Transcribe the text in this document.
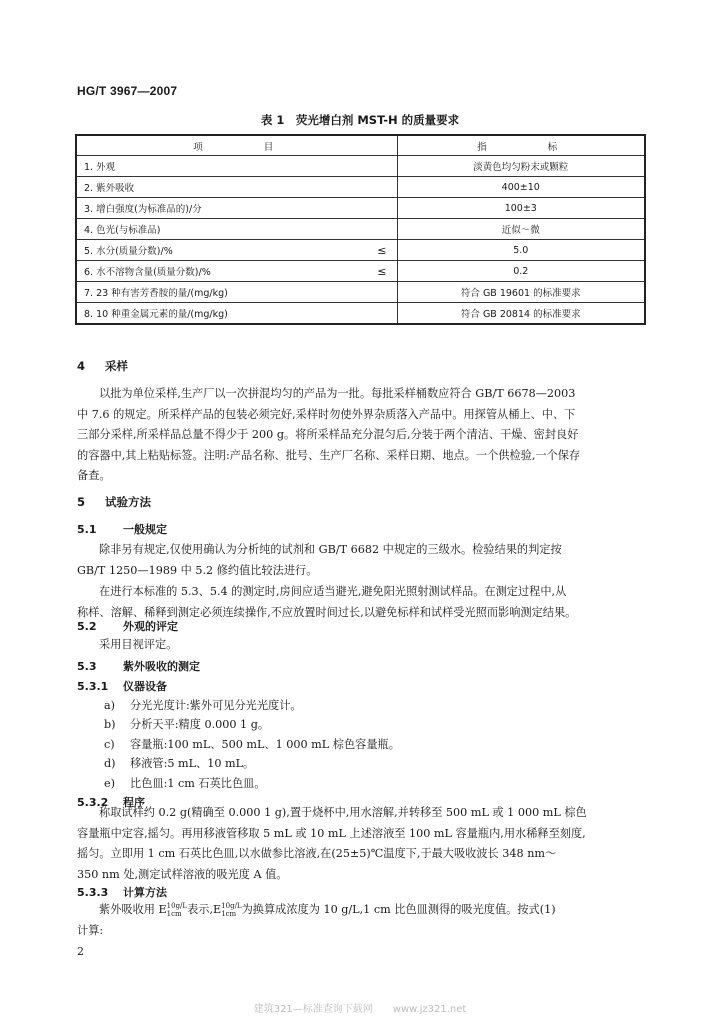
HG/T 3967—2007
表 1　荧光增白剂 MST-H 的质量要求
项　　目		指　　标
1. 外观		淡黄色均匀粉末或颗粒
2. 紫外吸收		400±10
3. 增白强度(为标准品的)/分		100±3
4. 色光(与标准品)		近似～微
5. 水分(质量分数)/%	≤	5.0
6. 水不溶物含量(质量分数)/%	≤	0.2
7. 23 种有害芳香胺的量/(mg/kg)		符合 GB 19601 的标准要求
8. 10 种重金属元素的量/(mg/kg)		符合 GB 20814 的标准要求
4 采样
以批为单位采样,生产厂以一次拼混均匀的产品为一批。每批采样桶数应符合 GB/T 6678—2003
中 7.6 的规定。所采样产品的包装必须完好,采样时勿使外界杂质落入产品中。用探管从桶上、中、下
三部分采样,所采样品总量不得少于 200 g。将所采样品充分混匀后,分装于两个清洁、干燥、密封良好
的容器中,其上粘贴标签。注明:产品名称、批号、生产厂名称、采样日期、地点。一个供检验,一个保存
备查。
5 试验方法
5.1 一般规定
除非另有规定,仅使用确认为分析纯的试剂和 GB/T 6682 中规定的三级水。检验结果的判定按
GB/T 1250—1989 中 5.2 修约值比较法进行。
在进行本标准的 5.3、5.4 的测定时,房间应适当避光,避免阳光照射测试样品。在测定过程中,从
称样、溶解、稀释到测定必须连续操作,不应放置时间过长,以避免标样和试样受光照而影响测定结果。
5.2 外观的评定
采用目视评定。
5.3 紫外吸收的测定
5.3.1 仪器设备
a) 分光光度计:紫外可见分光光度计。
b) 分析天平:精度 0.000 1 g。
c) 容量瓶:100 mL、500 mL、1 000 mL 棕色容量瓶。
d) 移液管:5 mL、10 mL。
e) 比色皿:1 cm 石英比色皿。
5.3.2 程序
称取试样约 0.2 g(精确至 0.000 1 g),置于烧杯中,用水溶解,并转移至 500 mL 或 1 000 mL 棕色
容量瓶中定容,摇匀。再用移液管移取 5 mL 或 10 mL 上述溶液至 100 mL 容量瓶内,用水稀释至刻度,
摇匀。立即用 1 cm 石英比色皿,以水做参比溶液,在(25±5)℃温度下,于最大吸收波长 348 nm～
350 nm 处,测定试样溶液的吸光度 A 值。
5.3.3 计算方法
紫外吸收用 E10g/L
1cm 表示,E10g/L
1cm 为换算成浓度为 10 g/L,1 cm 比色皿测得的吸光度值。按式(1)
计算:
2
建筑321—标准查询下载网　　www.jz321.net
